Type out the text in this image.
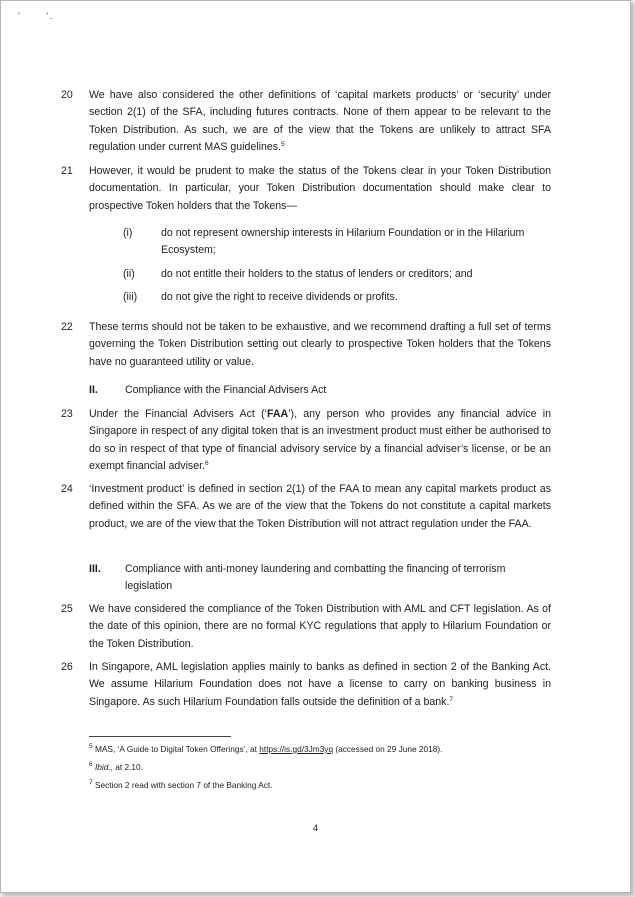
'	'.
20	We have also considered the other definitions of ‘capital markets products’ or ‘security’ under section 2(1) of the SFA, including futures contracts. None of them appear to be relevant to the Token Distribution. As such, we are of the view that the Tokens are unlikely to attract SFA regulation under current MAS guidelines.$^5$
21	However, it would be prudent to make the status of the Tokens clear in your Token Distribution documentation. In particular, your Token Distribution documentation should make clear to prospective Token holders that the Tokens—
(i)	do not represent ownership interests in Hilarium Foundation or in the Hilarium Ecosystem;
(ii)	do not entitle their holders to the status of lenders or creditors; and
(iii)	do not give the right to receive dividends or profits.
22	These terms should not be taken to be exhaustive, and we recommend drafting a full set of terms governing the Token Distribution setting out clearly to prospective Token holders that the Tokens have no guaranteed utility or value.
II.	Compliance with the Financial Advisers Act
23	Under the Financial Advisers Act (‘FAA’), any person who provides any financial advice in Singapore in respect of any digital token that is an investment product must either be authorised to do so in respect of that type of financial advisory service by a financial adviser’s license, or be an exempt financial adviser.$^6$
24	‘Investment product’ is defined in section 2(1) of the FAA to mean any capital markets product as defined within the SFA. As we are of the view that the Tokens do not constitute a capital markets product, we are of the view that the Token Distribution will not attract regulation under the FAA.
III. Compliance with anti-money laundering and combatting the financing of terrorism legislation
25	We have considered the compliance of the Token Distribution with AML and CFT legislation. As of the date of this opinion, there are no formal KYC regulations that apply to Hilarium Foundation or the Token Distribution.
26	In Singapore, AML legislation applies mainly to banks as defined in section 2 of the Banking Act. We assume Hilarium Foundation does not have a license to carry on banking business in Singapore. As such Hilarium Foundation falls outside the definition of a bank.$^7$
$^5$ MAS, ‘A Guide to Digital Token Offerings’, at https://is.gd/3Jm3yq (accessed on 29 June 2018).
$^6$ Ibid., at 2.10.
$^7$ Section 2 read with section 7 of the Banking Act.
4
